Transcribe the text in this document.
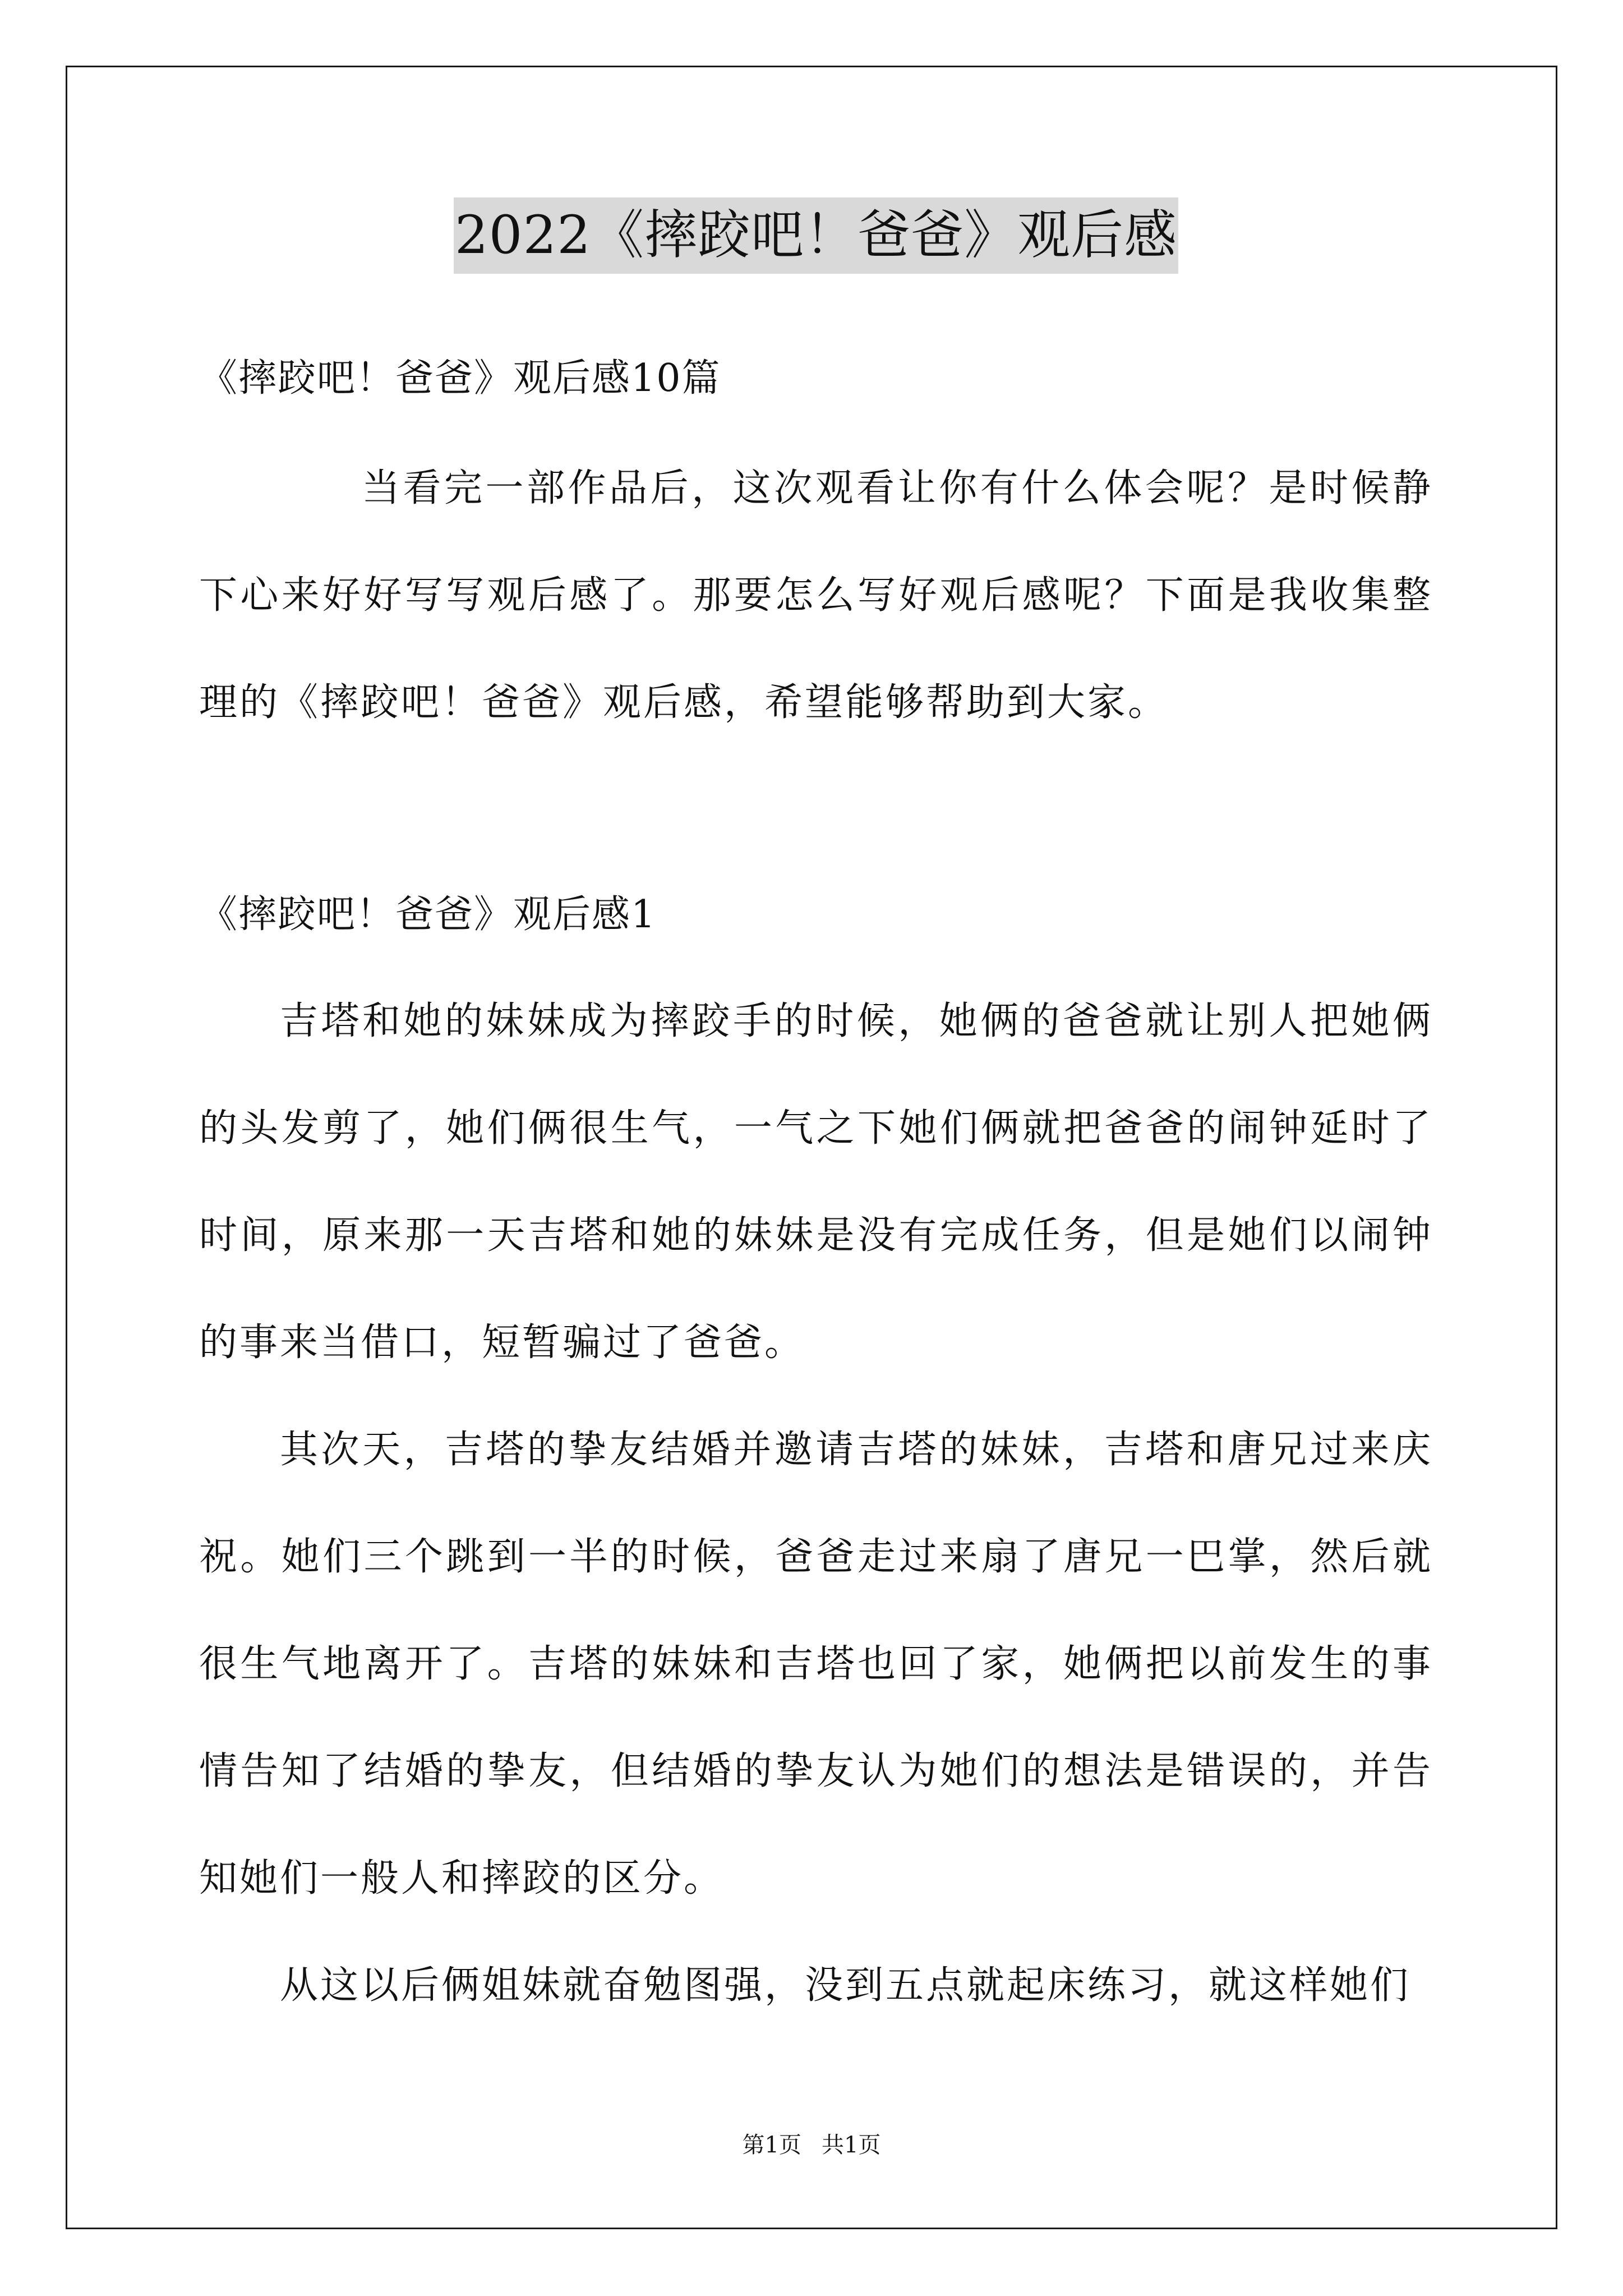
2022《摔跤吧！爸爸》观后感
《摔跤吧！爸爸》观后感10篇
当看完一部作品后，这次观看让你有什么体会呢？是时候静下心来好好写写观后感了。那要怎么写好观后感呢？下面是我收集整理的《摔跤吧！爸爸》观后感，希望能够帮助到大家。
《摔跤吧！爸爸》观后感1
吉塔和她的妹妹成为摔跤手的时候，她俩的爸爸就让别人把她俩的头发剪了，她们俩很生气，一气之下她们俩就把爸爸的闹钟延时了时间，原来那一天吉塔和她的妹妹是没有完成任务，但是她们以闹钟的事来当借口，短暂骗过了爸爸。
其次天，吉塔的挚友结婚并邀请吉塔的妹妹，吉塔和唐兄过来庆祝。她们三个跳到一半的时候，爸爸走过来扇了唐兄一巴掌，然后就很生气地离开了。吉塔的妹妹和吉塔也回了家，她俩把以前发生的事情告知了结婚的挚友，但结婚的挚友认为她们的想法是错误的，并告知她们一般人和摔跤的区分。
从这以后俩姐妹就奋勉图强，没到五点就起床练习，就这样她们
第1页 共1页
